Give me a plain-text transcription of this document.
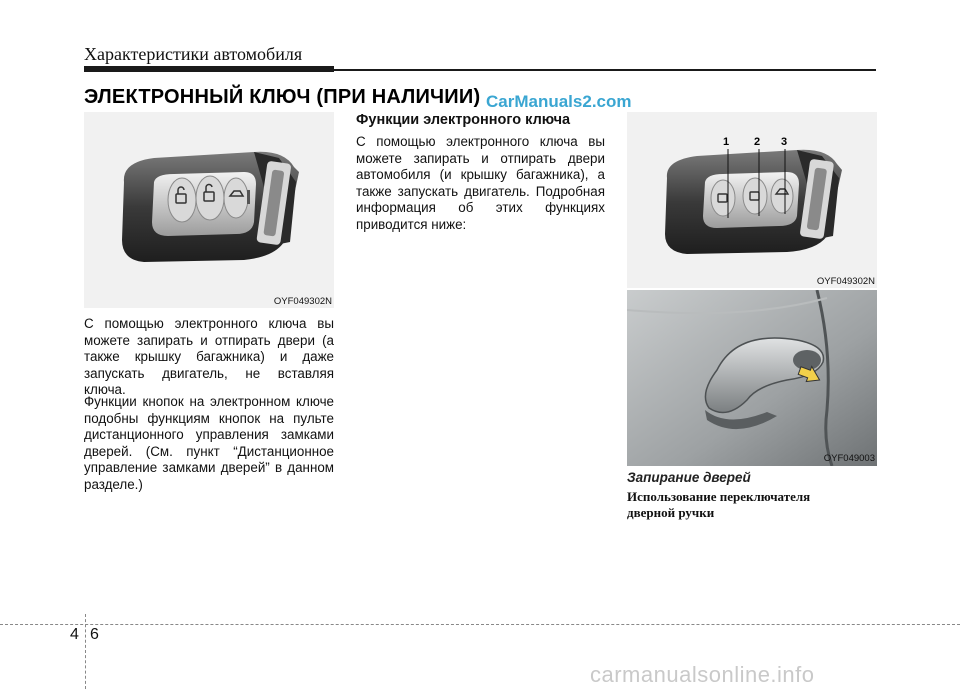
Характеристики автомобиля
ЭЛЕКТРОННЫЙ КЛЮЧ (ПРИ НАЛИЧИИ) CarManuals2.com
OYF049302N
С помощью электронного ключа вы можете запирать и отпирать двери (а также крышку багажника) и даже запускать двигатель, не вставляя ключа.
Функции кнопок на электронном ключе подобны функциям кнопок на пульте дистанционного управления замками дверей. (См. пункт “Дистанционное управление замками дверей” в данном разделе.)
Функции электронного ключа
С помощью электронного ключа вы можете запирать и отпирать двери автомобиля (и крышку багажника), а также запускать двигатель. Подробная информация об этих функциях приводится ниже:
1 2 3
OYF049302N
OYF049003
Запирание дверей
Использование переключателя
дверной ручки
4 6
carmanualsonline.info
